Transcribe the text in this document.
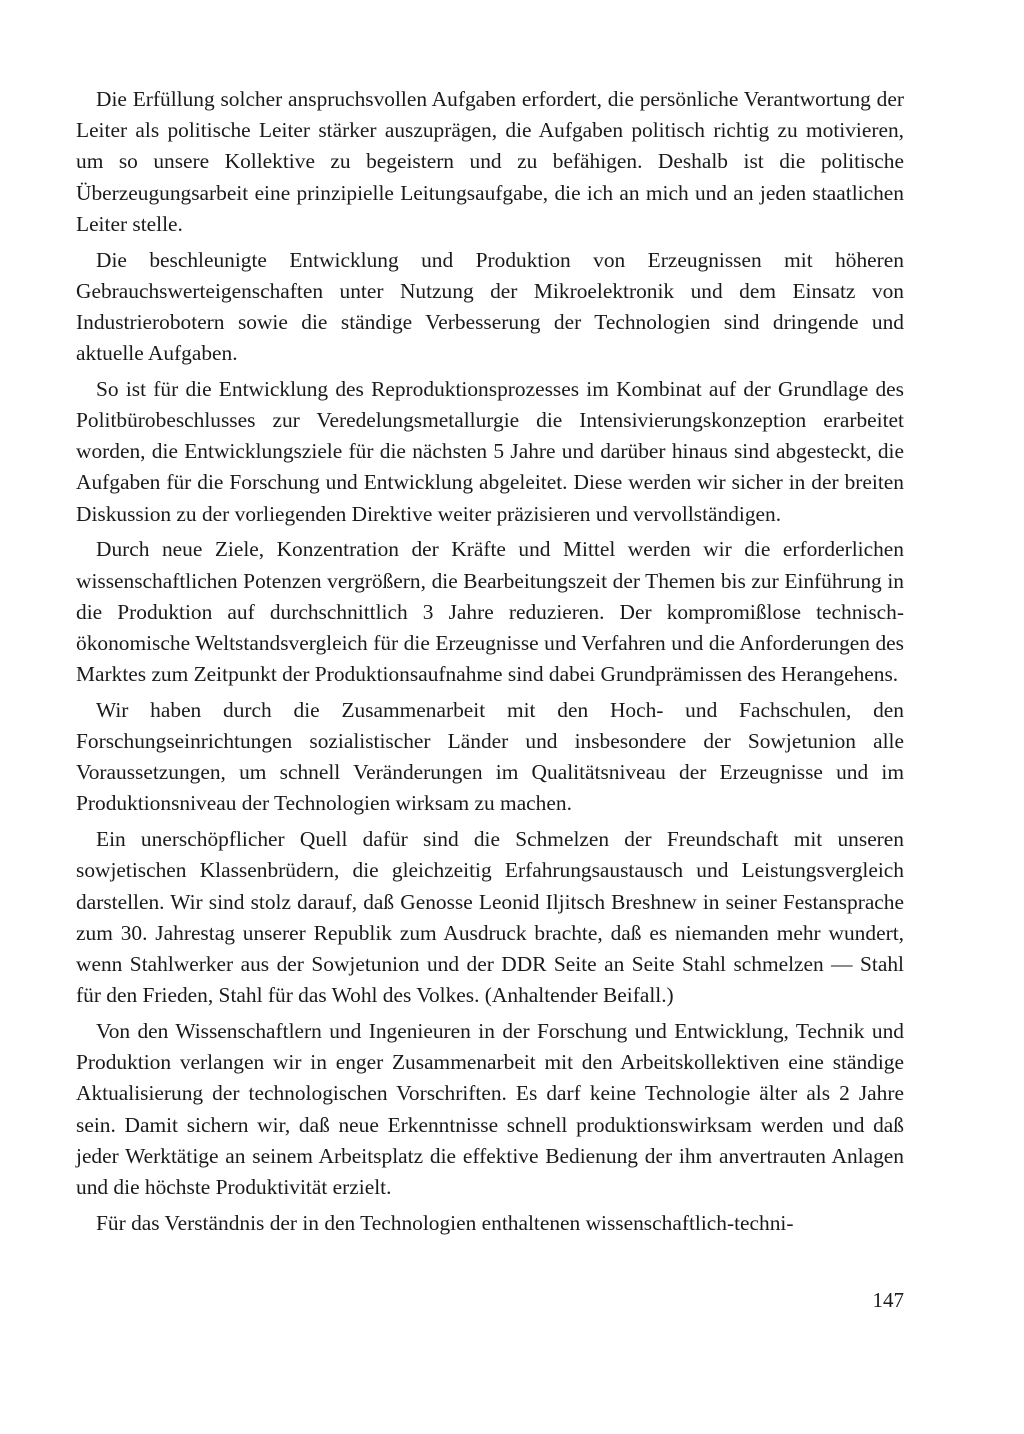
Die Erfüllung solcher anspruchsvollen Aufgaben erfordert, die persönliche Verantwortung der Leiter als politische Leiter stärker auszuprägen, die Aufgaben politisch richtig zu motivieren, um so unsere Kollektive zu begeistern und zu befähigen. Deshalb ist die politische Überzeugungsarbeit eine prinzipielle Leitungsaufgabe, die ich an mich und an jeden staatlichen Leiter stelle.

Die beschleunigte Entwicklung und Produktion von Erzeugnissen mit höheren Gebrauchswerteigenschaften unter Nutzung der Mikroelektronik und dem Einsatz von Industrierobotern sowie die ständige Verbesserung der Technologien sind dringende und aktuelle Aufgaben.

So ist für die Entwicklung des Reproduktionsprozesses im Kombinat auf der Grundlage des Politbürobeschlusses zur Veredelungsmetallurgie die Intensivierungskonzeption erarbeitet worden, die Entwicklungsziele für die nächsten 5 Jahre und darüber hinaus sind abgesteckt, die Aufgaben für die Forschung und Entwicklung abgeleitet. Diese werden wir sicher in der breiten Diskussion zu der vorliegenden Direktive weiter präzisieren und vervollständigen.

Durch neue Ziele, Konzentration der Kräfte und Mittel werden wir die erforderlichen wissenschaftlichen Potenzen vergrößern, die Bearbeitungszeit der Themen bis zur Einführung in die Produktion auf durchschnittlich 3 Jahre reduzieren. Der kompromißlose technisch-ökonomische Weltstandsvergleich für die Erzeugnisse und Verfahren und die Anforderungen des Marktes zum Zeitpunkt der Produktionsaufnahme sind dabei Grundprämissen des Herangehens.

Wir haben durch die Zusammenarbeit mit den Hoch- und Fachschulen, den Forschungseinrichtungen sozialistischer Länder und insbesondere der Sowjetunion alle Voraussetzungen, um schnell Veränderungen im Qualitätsniveau der Erzeugnisse und im Produktionsniveau der Technologien wirksam zu machen.

Ein unerschöpflicher Quell dafür sind die Schmelzen der Freundschaft mit unseren sowjetischen Klassenbrüdern, die gleichzeitig Erfahrungsaustausch und Leistungsvergleich darstellen. Wir sind stolz darauf, daß Genosse Leonid Iljitsch Breshnew in seiner Festansprache zum 30. Jahrestag unserer Republik zum Ausdruck brachte, daß es niemanden mehr wundert, wenn Stahlwerker aus der Sowjetunion und der DDR Seite an Seite Stahl schmelzen — Stahl für den Frieden, Stahl für das Wohl des Volkes. (Anhaltender Beifall.)

Von den Wissenschaftlern und Ingenieuren in der Forschung und Entwicklung, Technik und Produktion verlangen wir in enger Zusammenarbeit mit den Arbeitskollektiven eine ständige Aktualisierung der technologischen Vorschriften. Es darf keine Technologie älter als 2 Jahre sein. Damit sichern wir, daß neue Erkenntnisse schnell produktionswirksam werden und daß jeder Werktätige an seinem Arbeitsplatz die effektive Bedienung der ihm anvertrauten Anlagen und die höchste Produktivität erzielt.

Für das Verständnis der in den Technologien enthaltenen wissenschaftlich-techni-

147
